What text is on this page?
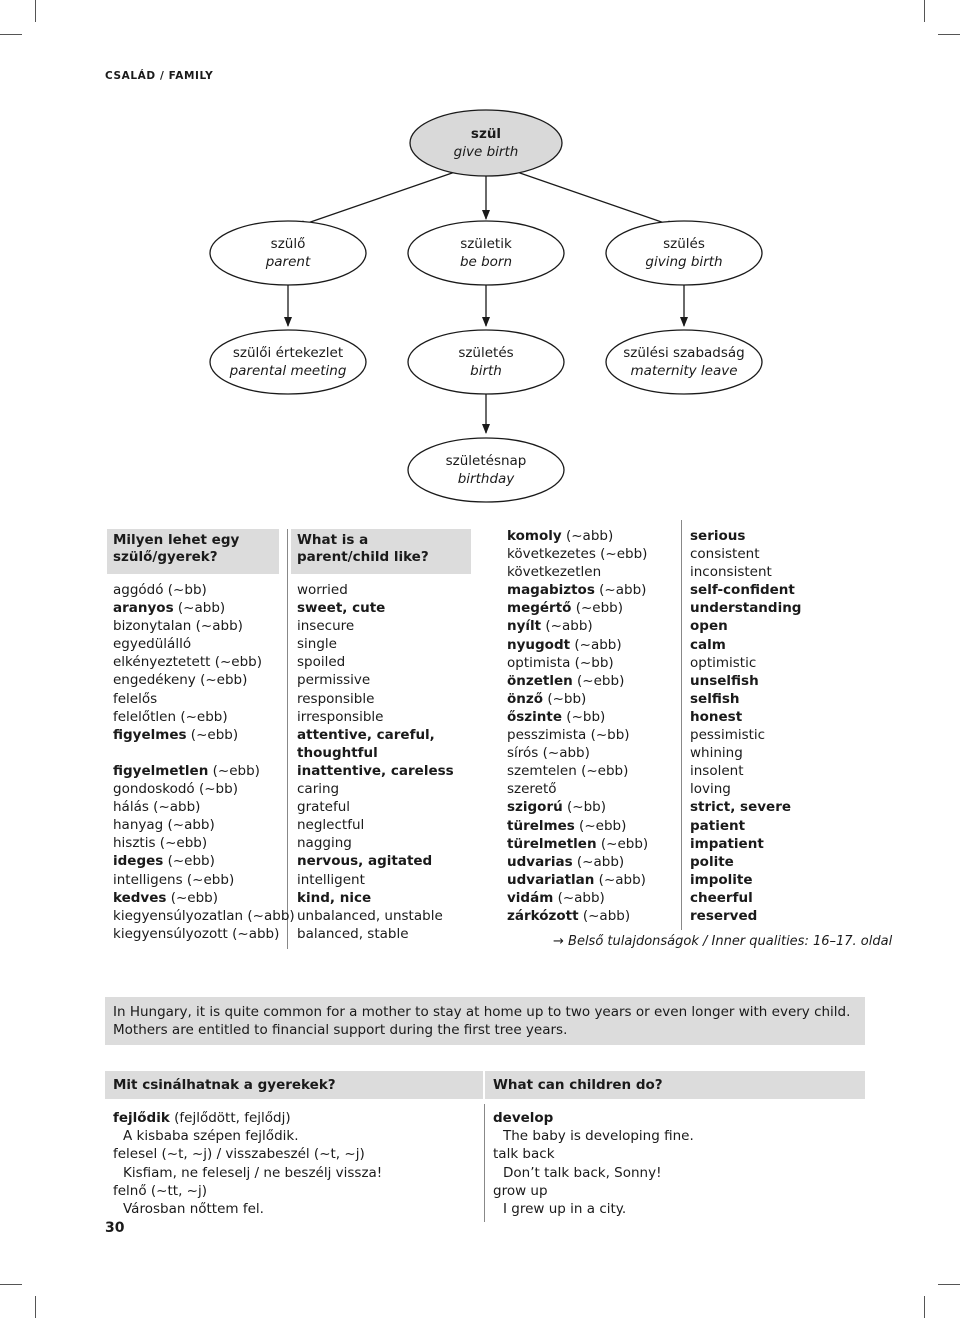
CSALÁD / FAMILY
szül
give birth
szülő
parent
születik
be born
szülés
giving birth
szülői értekezlet
parental meeting
születés
birth
szülési szabadság
maternity leave
születésnap
birthday
Milyen lehet egy szülő/gyerek?
What is a parent/child like?
aggódó (~bb)
aranyos (~abb)
bizonytalan (~abb)
egyedülálló
elkényeztetett (~ebb)
engedékeny (~ebb)
felelős
felelőtlen (~ebb)
figyelmes (~ebb)

figyelmetlen (~ebb)
gondoskodó (~bb)
hálás (~abb)
hanyag (~abb)
hisztis (~ebb)
ideges (~ebb)
intelligens (~ebb)
kedves (~ebb)
kiegyensúlyozatlan (~abb)
kiegyensúlyozott (~abb)
worried
sweet, cute
insecure
single
spoiled
permissive
responsible
irresponsible
attentive, careful,
thoughtful
inattentive, careless
caring
grateful
neglectful
nagging
nervous, agitated
intelligent
kind, nice
unbalanced, unstable
balanced, stable
komoly (~abb)
következetes (~ebb)
következetlen
magabiztos (~abb)
megértő (~ebb)
nyílt (~abb)
nyugodt (~abb)
optimista (~bb)
önzetlen (~ebb)
önző (~bb)
őszinte (~bb)
pesszimista (~bb)
sírós (~abb)
szemtelen (~ebb)
szerető
szigorú (~bb)
türelmes (~ebb)
türelmetlen (~ebb)
udvarias (~abb)
udvariatlan (~abb)
vidám (~abb)
zárkózott (~abb)
serious
consistent
inconsistent
self-confident
understanding
open
calm
optimistic
unselfish
selfish
honest
pessimistic
whining
insolent
loving
strict, severe
patient
impatient
polite
impolite
cheerful
reserved
→ Belső tulajdonságok / Inner qualities: 16–17. oldal
In Hungary, it is quite common for a mother to stay at home up to two years or even longer with every child. Mothers are entitled to financial support during the first tree years.
Mit csinálhatnak a gyerekek?	What can children do?
fejlődik (fejlődött, fejlődj)
A kisbaba szépen fejlődik.
felesel (~t, ~j) / visszabeszél (~t, ~j)
Kisfiam, ne feleselj / ne beszélj vissza!
felnő (~tt, ~j)
Városban nőttem fel.
develop
The baby is developing fine.
talk back
Don’t talk back, Sonny!
grow up
I grew up in a city.
30
